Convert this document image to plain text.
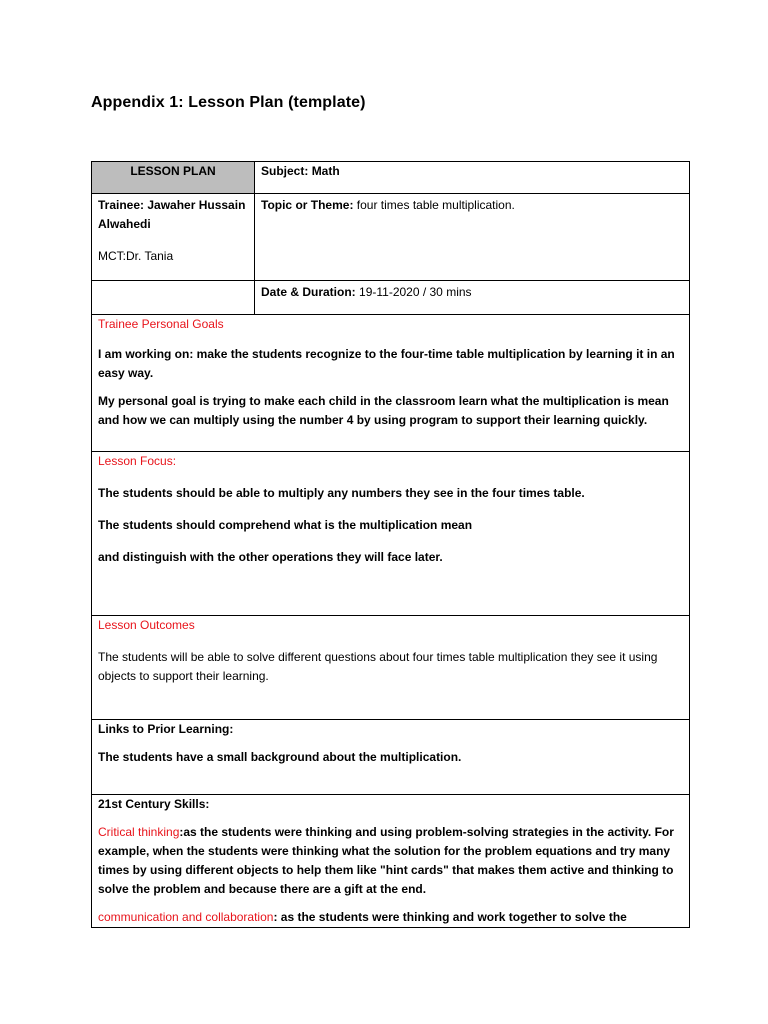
Appendix 1: Lesson Plan (template)
LESSON PLAN	Subject: Math

Trainee: Jawaher Hussain Alwahedi

MCT:Dr. Tania	Topic or Theme: four times table multiplication.
	Date & Duration: 19-11-2020 / 30 mins

Trainee Personal Goals

I am working on: make the students recognize to the four-time table multiplication by learning it in an easy way.

My personal goal is trying to make each child in the classroom learn what the multiplication is mean and how we can multiply using the number 4 by using program to support their learning quickly.	

Lesson Focus:

The students should be able to multiply any numbers they see in the four times table.

The students should comprehend what is the multiplication mean

and distinguish with the other operations they will face later.	

Lesson Outcomes

The students will be able to solve different questions about four times table multiplication they see it using objects to support their learning.	

Links to Prior Learning:

The students have a small background about the multiplication.	

21st Century Skills:

Critical thinking:as the students were thinking and using problem-solving strategies in the activity. For example, when the students were thinking what the solution for the problem equations and try many times by using different objects to help them like "hint cards" that makes them active and thinking to solve the problem and because there are a gift at the end.

communication and collaboration: as the students were thinking and work together to solve the	
